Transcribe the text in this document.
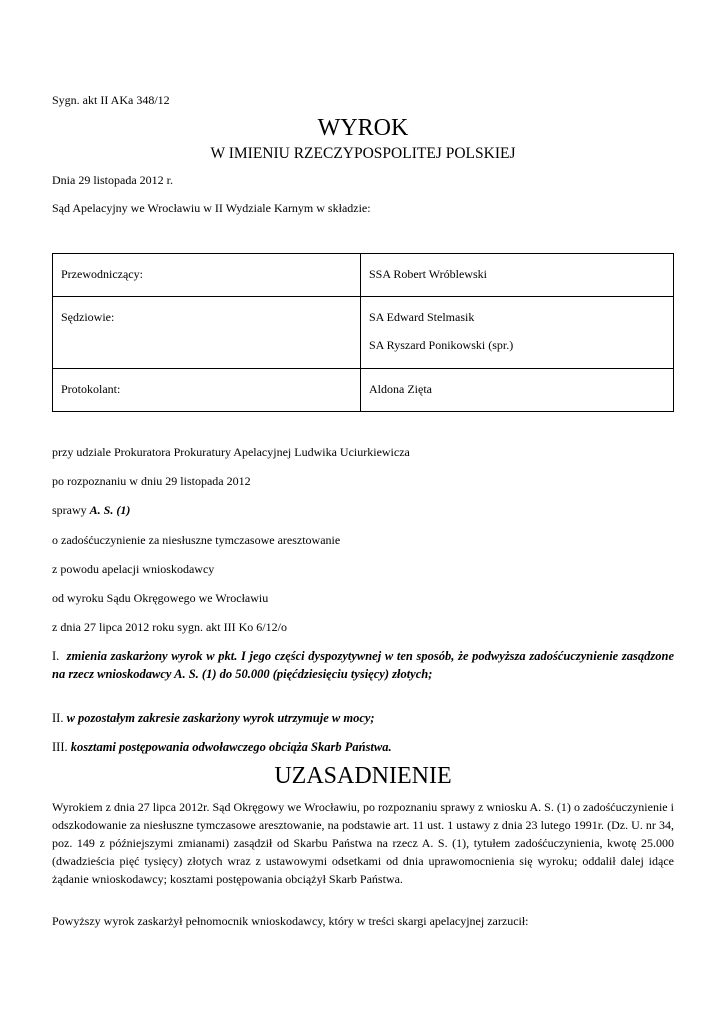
Sygn. akt II AKa 348/12
WYROK
W IMIENIU RZECZYPOSPOLITEJ POLSKIEJ
Dnia 29 listopada 2012 r.
Sąd Apelacyjny we Wrocławiu w II Wydziale Karnym w składzie:
Przewodniczący:	SSA Robert Wróblewski

Sędziowie:	SA Edward Stelmasik
SA Ryszard Ponikowski (spr.)

Protokolant:	Aldona Zięta
przy udziale Prokuratora Prokuratury Apelacyjnej Ludwika Uciurkiewicza
po rozpoznaniu w dniu 29 listopada 2012
sprawy A. S. (1)
o zadośćuczynienie za niesłuszne tymczasowe aresztowanie
z powodu apelacji wnioskodawcy
od wyroku Sądu Okręgowego we Wrocławiu
z dnia 27 lipca 2012 roku sygn. akt III Ko 6/12/o
I. zmienia zaskarżony wyrok w pkt. I jego części dyspozytywnej w ten sposób, że podwyższa zadośćuczynienie zasądzone na rzecz wnioskodawcy A. S. (1) do 50.000 (pięćdziesięciu tysięcy) złotych;
II. w pozostałym zakresie zaskarżony wyrok utrzymuje w mocy;
III. kosztami postępowania odwoławczego obciąża Skarb Państwa.
UZASADNIENIE
Wyrokiem z dnia 27 lipca 2012r. Sąd Okręgowy we Wrocławiu, po rozpoznaniu sprawy z wniosku A. S. (1) o zadośćuczynienie i odszkodowanie za niesłuszne tymczasowe aresztowanie, na podstawie art. 11 ust. 1 ustawy z dnia 23 lutego 1991r. (Dz. U. nr 34, poz. 149 z późniejszymi zmianami) zasądził od Skarbu Państwa na rzecz A. S. (1), tytułem zadośćuczynienia, kwotę 25.000 (dwadzieścia pięć tysięcy) złotych wraz z ustawowymi odsetkami od dnia uprawomocnienia się wyroku; oddalił dalej idące żądanie wnioskodawcy; kosztami postępowania obciążył Skarb Państwa.
Powyższy wyrok zaskarżył pełnomocnik wnioskodawcy, który w treści skargi apelacyjnej zarzucił:
